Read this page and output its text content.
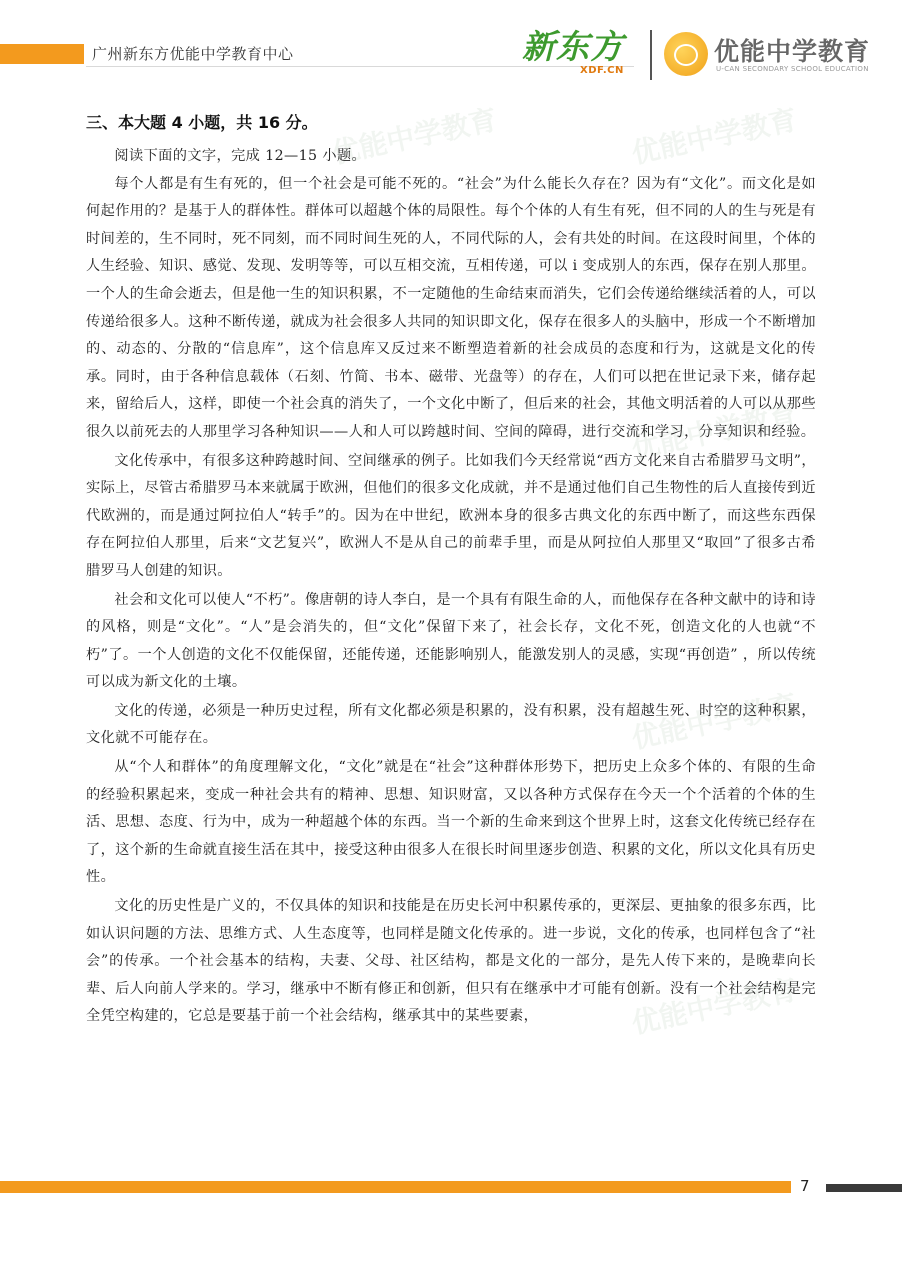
广州新东方优能中学教育中心	新东方
XDF.CN
优能中学教育
U-CAN SECONDARY SCHOOL EDUCATION
优能中学教育	优能中学教育
优能中学教育
优能中学教育
优能中学教育
三、本大题 4 小题，共 16 分。

阅读下面的文字，完成 12—15 小题。

每个人都是有生有死的，但一个社会是可能不死的。“社会”为什么能长久存在？因为有“文化”。而文化是如何起作用的？是基于人的群体性。群体可以超越个体的局限性。每个个体的人有生有死，但不同的人的生与死是有时间差的，生不同时，死不同刻，而不同时间生死的人，不同代际的人，会有共处的时间。在这段时间里，个体的人生经验、知识、感觉、发现、发明等等，可以互相交流，互相传递，可以 i 变成别人的东西，保存在别人那里。一个人的生命会逝去，但是他一生的知识积累，不一定随他的生命结束而消失，它们会传递给继续活着的人，可以传递给很多人。这种不断传递，就成为社会很多人共同的知识即文化，保存在很多人的头脑中，形成一个不断增加的、动态的、分散的“信息库”，这个信息库又反过来不断塑造着新的社会成员的态度和行为，这就是文化的传承。同时，由于各种信息载体（石刻、竹简、书本、磁带、光盘等）的存在，人们可以把在世记录下来，储存起来，留给后人，这样，即使一个社会真的消失了，一个文化中断了，但后来的社会，其他文明活着的人可以从那些很久以前死去的人那里学习各种知识——人和人可以跨越时间、空间的障碍，进行交流和学习，分享知识和经验。

文化传承中，有很多这种跨越时间、空间继承的例子。比如我们今天经常说“西方文化来自古希腊罗马文明”，实际上，尽管古希腊罗马本来就属于欧洲，但他们的很多文化成就，并不是通过他们自己生物性的后人直接传到近代欧洲的，而是通过阿拉伯人“转手”的。因为在中世纪，欧洲本身的很多古典文化的东西中断了，而这些东西保存在阿拉伯人那里，后来“文艺复兴”，欧洲人不是从自己的前辈手里，而是从阿拉伯人那里又“取回”了很多古希腊罗马人创建的知识。

社会和文化可以使人“不朽”。像唐朝的诗人李白，是一个具有有限生命的人，而他保存在各种文献中的诗和诗的风格，则是“文化”。“人”是会消失的，但“文化”保留下来了，社会长存，文化不死，创造文化的人也就“不朽”了。一个人创造的文化不仅能保留，还能传递，还能影响别人，能激发别人的灵感，实现“再创造” ，所以传统可以成为新文化的土壤。

文化的传递，必须是一种历史过程，所有文化都必须是积累的，没有积累，没有超越生死、时空的这种积累，文化就不可能存在。

从“个人和群体”的角度理解文化，“文化”就是在“社会”这种群体形势下，把历史上众多个体的、有限的生命的经验积累起来，变成一种社会共有的精神、思想、知识财富，又以各种方式保存在今天一个个活着的个体的生活、思想、态度、行为中，成为一种超越个体的东西。当一个新的生命来到这个世界上时，这套文化传统已经存在了，这个新的生命就直接生活在其中，接受这种由很多人在很长时间里逐步创造、积累的文化，所以文化具有历史性。

文化的历史性是广义的，不仅具体的知识和技能是在历史长河中积累传承的，更深层、更抽象的很多东西，比如认识问题的方法、思维方式、人生态度等，也同样是随文化传承的。进一步说，文化的传承，也同样包含了“社会”的传承。一个社会基本的结构，夫妻、父母、社区结构，都是文化的一部分，是先人传下来的，是晚辈向长辈、后人向前人学来的。学习，继承中不断有修正和创新，但只有在继承中才可能有创新。没有一个社会结构是完全凭空构建的，它总是要基于前一个社会结构，继承其中的某些要素，

7
